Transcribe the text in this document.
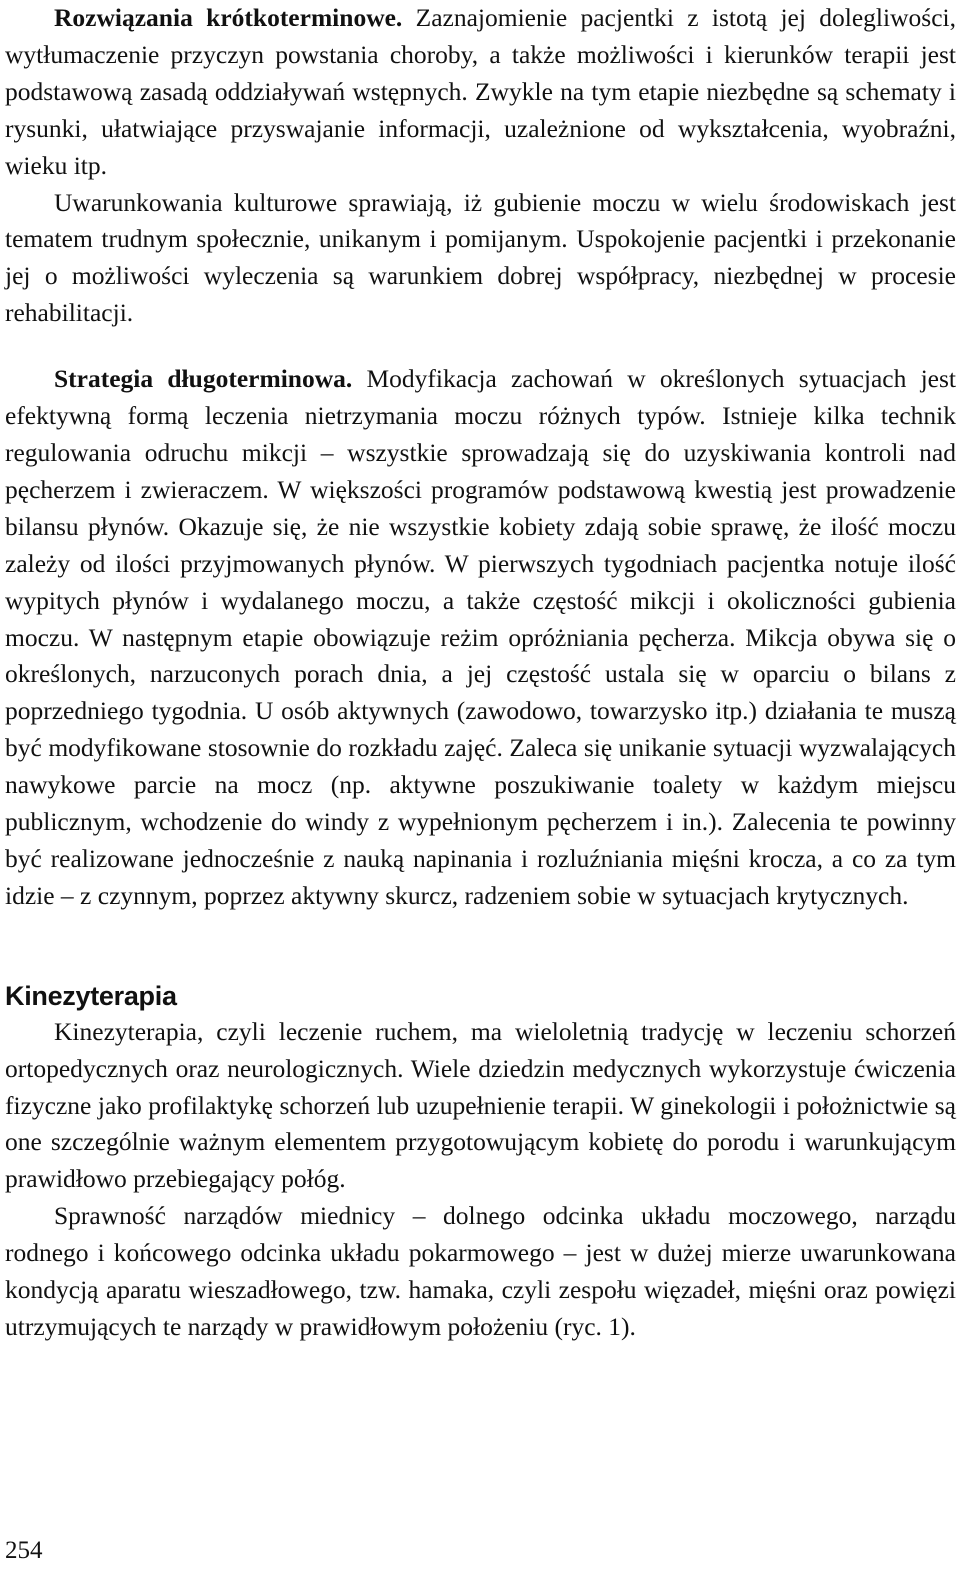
Rozwiązania krótkoterminowe. Zaznajomienie pacjentki z istotą jej dolegliwości, wytłumaczenie przyczyn powstania choroby, a także możliwości i kierunków terapii jest podstawową zasadą oddziaływań wstępnych. Zwykle na tym etapie niezbędne są schematy i rysunki, ułatwiające przyswajanie informacji, uzależnione od wykształcenia, wyobraźni, wieku itp.

Uwarunkowania kulturowe sprawiają, iż gubienie moczu w wielu środowiskach jest tematem trudnym społecznie, unikanym i pomijanym. Uspokojenie pacjentki i przekonanie jej o możliwości wyleczenia są warunkiem dobrej współpracy, niezbędnej w procesie rehabilitacji.

Strategia długoterminowa. Modyfikacja zachowań w określonych sytuacjach jest efektywną formą leczenia nietrzymania moczu różnych typów. Istnieje kilka technik regulowania odruchu mikcji – wszystkie sprowadzają się do uzyskiwania kontroli nad pęcherzem i zwieraczem. W większości programów podstawową kwestią jest prowadzenie bilansu płynów. Okazuje się, że nie wszystkie kobiety zdają sobie sprawę, że ilość moczu zależy od ilości przyjmowanych płynów. W pierwszych tygodniach pacjentka notuje ilość wypitych płynów i wydalanego moczu, a także częstość mikcji i okoliczności gubienia moczu. W następnym etapie obowiązuje reżim opróżniania pęcherza. Mikcja obywa się o określonych, narzuconych porach dnia, a jej częstość ustala się w oparciu o bilans z poprzedniego tygodnia. U osób aktywnych (zawodowo, towarzysko itp.) działania te muszą być modyfikowane stosownie do rozkładu zajęć. Zaleca się unikanie sytuacji wyzwalających nawykowe parcie na mocz (np. aktywne poszukiwanie toalety w każdym miejscu publicznym, wchodzenie do windy z wypełnionym pęcherzem i in.). Zalecenia te powinny być realizowane jednocześnie z nauką napinania i rozluźniania mięśni krocza, a co za tym idzie – z czynnym, poprzez aktywny skurcz, radzeniem sobie w sytuacjach krytycznych.

Kinezyterapia

Kinezyterapia, czyli leczenie ruchem, ma wieloletnią tradycję w leczeniu schorzeń ortopedycznych oraz neurologicznych. Wiele dziedzin medycznych wykorzystuje ćwiczenia fizyczne jako profilaktykę schorzeń lub uzupełnienie terapii. W ginekologii i położnictwie są one szczególnie ważnym elementem przygotowującym kobietę do porodu i warunkującym prawidłowo przebiegający połóg.

Sprawność narządów miednicy – dolnego odcinka układu moczowego, narządu rodnego i końcowego odcinka układu pokarmowego – jest w dużej mierze uwarunkowana kondycją aparatu wieszadłowego, tzw. hamaka, czyli zespołu więzadeł, mięśni oraz powięzi utrzymujących te narządy w prawidłowym położeniu (ryc. 1).

254
